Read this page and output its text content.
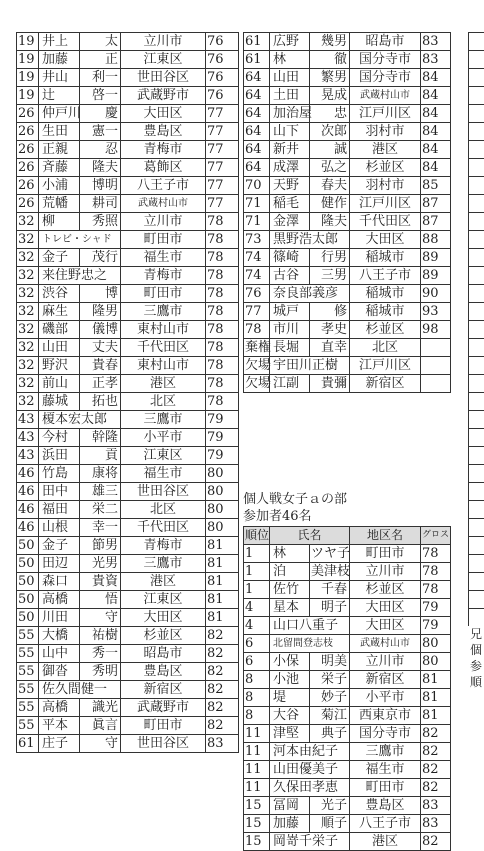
19	井上	太	立川市	76
19	加藤	正	江東区	76
19	井山	利一	世田谷区	76
19	辻	啓一	武蔵野市	76
26	仲戸川	慶	大田区	77
26	生田	憲一	豊島区	77
26	正親	忍	青梅市	77
26	斉藤	隆夫	葛飾区	77
26	小浦	博明	八王子市	77
26	荒幡	耕司	武蔵村山市	77
32	柳	秀照	立川市	78
32	トレビ・シャド		町田市	78
32	金子	茂行	福生市	78
32	来住野忠之		青梅市	78
32	渋谷	博	町田市	78
32	麻生	隆男	三鷹市	78
32	磯部	儀博	東村山市	78
32	山田	丈夫	千代田区	78
32	野沢	貴春	東村山市	78
32	前山	正孝	港区	78
32	藤城	拓也	北区	78
43	榎本宏太郎		三鷹市	79
43	今村	幹隆	小平市	79
43	浜田	貢	江東区	79
46	竹島	康将	福生市	80
46	田中	雄三	世田谷区	80
46	福田	栄二	北区	80
46	山根	幸一	千代田区	80
50	金子	節男	青梅市	81
50	田辺	光男	三鷹市	81
50	森口	貴資	港区	81
50	高橋	悟	江東区	81
50	川田	守	大田区	81
55	大橋	祐樹	杉並区	82
55	山中	秀一	昭島市	82
55	御沓	秀明	豊島区	82
55	佐久間健一		新宿区	82
55	高橋	識光	武蔵野市	82
55	平本	眞言	町田市	82
61	庄子	守	世田谷区	83
61	広野	幾男	昭島市	83
61	林	徹	国分寺市	83
64	山田	繁男	国分寺市	84
64	土田	晃成	武蔵村山市	84
64	加治屋	忠	江戸川区	84
64	山下	次郎	羽村市	84
64	新井	誠	港区	84
64	成澤	弘之	杉並区	84
70	天野	春夫	羽村市	85
71	稲毛	健作	江戸川区	87
71	金澤	隆夫	千代田区	87
73	黒野浩太郎		大田区	88
74	篠崎	行男	稲城市	89
74	古谷	三男	八王子市	89
76	奈良部義彦		稲城市	90
77	城戸	修	稲城市	93
78	市川	孝史	杉並区	98
棄権	長堀	直幸	北区	
欠場	宇田川正樹		江戸川区	
欠場	江副	貴彌	新宿区	
個人戦女子ａの部
参加者46名
順位	氏名		地区名	グロス
1	林	ツヤ子	町田市	78
1	泊	美津枝	立川市	78
1	佐竹	千春	杉並区	78
4	星本	明子	大田区	79
4	山口八重子		大田区	79
6	北留間登志枝		武蔵村山市	80
6	小保	明美	立川市	80
8	小池	栄子	新宿区	81
8	堤	妙子	小平市	81
8	大谷	菊江	西東京市	81
11	津堅	典子	国分寺市	82
11	河本由紀子		三鷹市	82
11	山田優美子		福生市	82
11	久保田孝恵		町田市	82
15	冨岡	光子	豊島区	83
15	加藤	順子	八王子市	83
15	岡嵜千栄子		港区	82
兄
個
参
順
